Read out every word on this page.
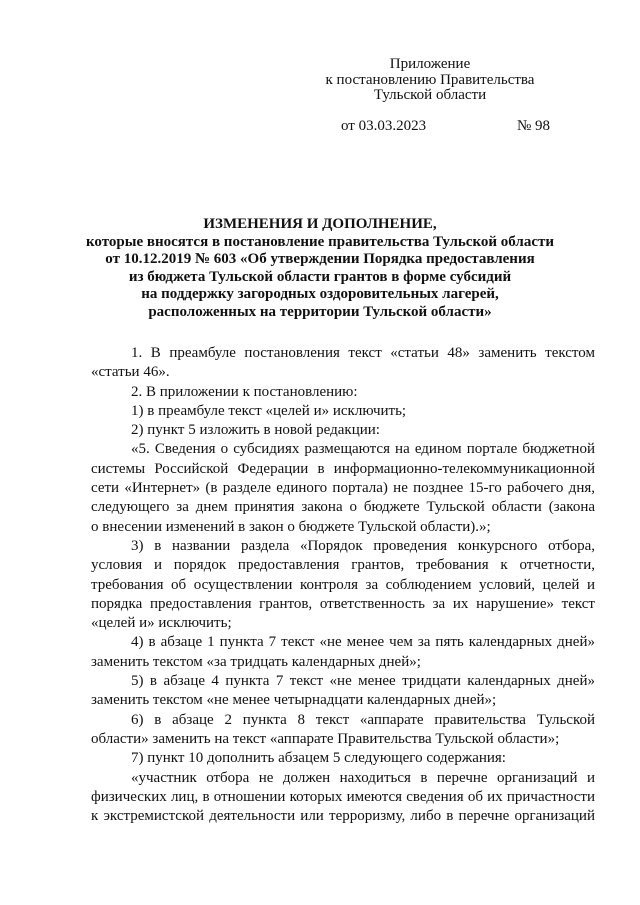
Приложение
к постановлению Правительства
Тульской области
от 03.03.2023	№ 98
ИЗМЕНЕНИЯ И ДОПОЛНЕНИЕ,
которые вносятся в постановление правительства Тульской области
от 10.12.2019 № 603 «Об утверждении Порядка предоставления
из бюджета Тульской области грантов в форме субсидий
на поддержку загородных оздоровительных лагерей,
расположенных на территории Тульской области»

1. В преамбуле постановления текст «статьи 48» заменить текстом

«статьи 46».

2. В приложении к постановлению:

1) в преамбуле текст «целей и» исключить;

2) пункт 5 изложить в новой редакции:

«5. Сведения о субсидиях размещаются на едином портале бюджетной

системы Российской Федерации в информационно-телекоммуникационной

сети «Интернет» (в разделе единого портала) не позднее 15-го рабочего дня,

следующего за днем принятия закона о бюджете Тульской области (закона

о внесении изменений в закон о бюджете Тульской области).»;

3) в названии раздела «Порядок проведения конкурсного отбора,

условия и порядок предоставления грантов, требования к отчетности,

требования об осуществлении контроля за соблюдением условий, целей и

порядка предоставления грантов, ответственность за их нарушение» текст

«целей и» исключить;

4) в абзаце 1 пункта 7 текст «не менее чем за пять календарных дней»

заменить текстом «за тридцать календарных дней»;

5) в абзаце 4 пункта 7 текст «не менее тридцати календарных дней»

заменить текстом «не менее четырнадцати календарных дней»;

6) в абзаце 2 пункта 8 текст «аппарате правительства Тульской

области» заменить на текст «аппарате Правительства Тульской области»;

7) пункт 10 дополнить абзацем 5 следующего содержания:

«участник отбора не должен находиться в перечне организаций и

физических лиц, в отношении которых имеются сведения об их причастности

к экстремистской деятельности или терроризму, либо в перечне организаций
